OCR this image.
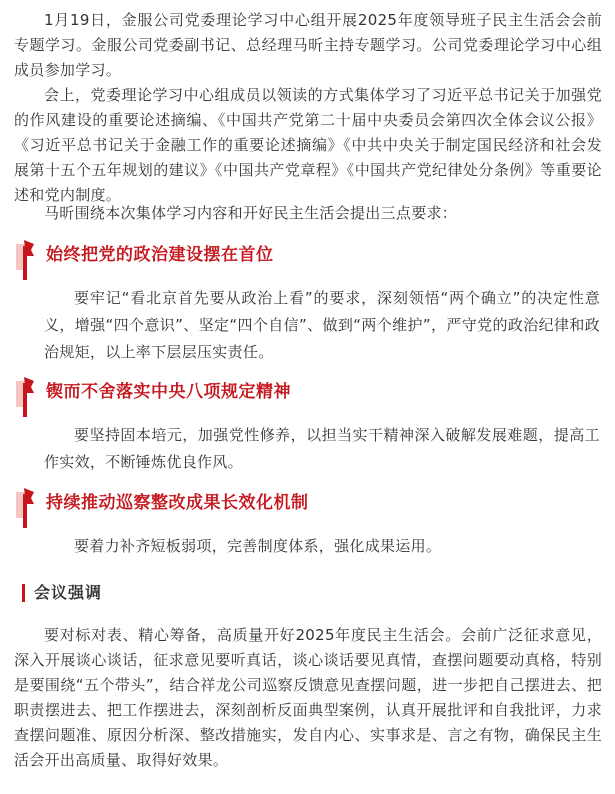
1月19日，金服公司党委理论学习中心组开展2025年度领导班子民主生活会会前专题学习。金服公司党委副书记、总经理马昕主持专题学习。公司党委理论学习中心组成员参加学习。

会上，党委理论学习中心组成员以领读的方式集体学习了习近平总书记关于加强党的作风建设的重要论述摘编、《中国共产党第二十届中央委员会第四次全体会议公报》《习近平总书记关于金融工作的重要论述摘编》《中共中央关于制定国民经济和社会发展第十五个五年规划的建议》《中国共产党章程》《中国共产党纪律处分条例》等重要论述和党内制度。

马昕围绕本次集体学习内容和开好民主生活会提出三点要求：

始终把党的政治建设摆在首位

要牢记“看北京首先要从政治上看”的要求，深刻领悟“两个确立”的决定性意义，增强“四个意识”、坚定“四个自信”、做到“两个维护”，严守党的政治纪律和政治规矩，以上率下层层压实责任。

锲而不舍落实中央八项规定精神

要坚持固本培元，加强党性修养，以担当实干精神深入破解发展难题，提高工作实效，不断锤炼优良作风。

持续推动巡察整改成果长效化机制

要着力补齐短板弱项，完善制度体系，强化成果运用。

会议强调

要对标对表、精心筹备，高质量开好2025年度民主生活会。会前广泛征求意见，深入开展谈心谈话，征求意见要听真话，谈心谈话要见真情，查摆问题要动真格，特别是要围绕“五个带头”，结合祥龙公司巡察反馈意见查摆问题，进一步把自己摆进去、把职责摆进去、把工作摆进去，深刻剖析反面典型案例，认真开展批评和自我批评，力求查摆问题准、原因分析深、整改措施实，发自内心、实事求是、言之有物，确保民主生活会开出高质量、取得好效果。
